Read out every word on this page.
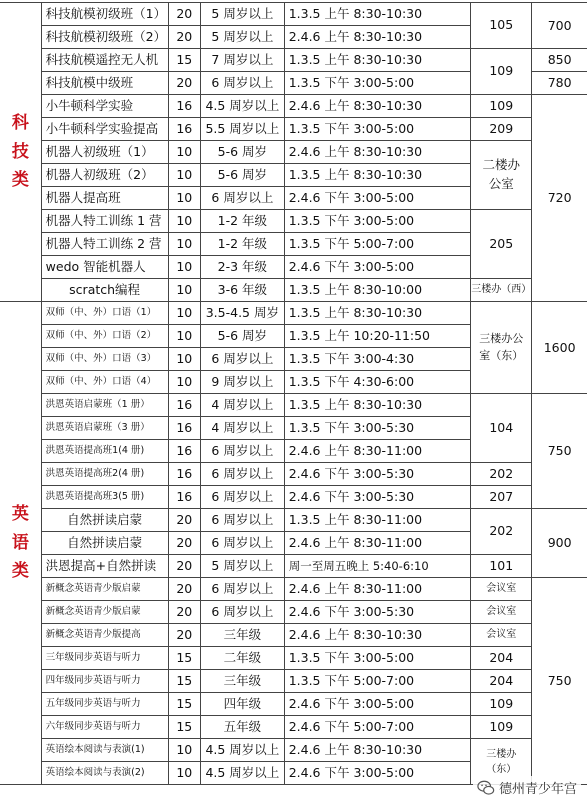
科
技
类	科技航模初级班（1）	20	5 周岁以上	1.3.5 上午 8:30-10:30	105	700
	科技航模初级班（2）	20	5 周岁以上	2.4.6 上午 8:30-10:30		
	科技航模遥控无人机	15	7 周岁以上	1.3.5 上午 8:30-10:30	109	850
	科技航模中级班	20	6 周岁以上	1.3.5 下午 3:00-5:00		780
	小牛顿科学实验	16	4.5 周岁以上	2.4.6 上午 8:30-10:30	109	720
	小牛顿科学实验提高	16	5.5 周岁以上	1.3.5 下午 3:00-5:00	209	
	机器人初级班（1）	10	5-6 周岁	2.4.6 上午 8:30-10:30	二楼办
公室	
	机器人初级班（2）	10	5-6 周岁	1.3.5 上午 8:30-10:30		
	机器人提高班	10	6 周岁以上	2.4.6 下午 3:00-5:00		
	机器人特工训练 1 营	10	1-2 年级	1.3.5 下午 3:00-5:00	205	
	机器人特工训练 2 营	10	1-2 年级	1.3.5 下午 5:00-7:00		
	wedo 智能机器人	10	2-3 年级	2.4.6 下午 3:00-5:00		
	scratch编程	10	3-6 年级	1.3.5 上午 8:30-10:00	三楼办（西）	
英
语
类	双师（中、外）口语（1）	10	3.5-4.5 周岁	1.3.5 上午 8:30-10:30	三楼办公
室（东）	1600
	双师（中、外）口语（2）	10	5-6 周岁	1.3.5 上午 10:20-11:50		
	双师（中、外）口语（3）	10	6 周岁以上	1.3.5 下午 3:00-4:30		
	双师（中、外）口语（4）	10	9 周岁以上	1.3.5 下午 4:30-6:00		
	洪恩英语启蒙班（1 册）	16	4 周岁以上	1.3.5 上午 8:30-10:30	104	750
	洪恩英语启蒙班（3 册）	16	4 周岁以上	1.3.5 下午 3:00-5:30		
	洪恩英语提高班1(4 册)	16	6 周岁以上	2.4.6 上午 8:30-11:00		
	洪恩英语提高班2(4 册)	16	6 周岁以上	2.4.6 下午 3:00-5:30	202	
	洪恩英语提高班3(5 册)	16	6 周岁以上	2.4.6 下午 3:00-5:30	207	
	自然拼读启蒙	20	6 周岁以上	1.3.5 上午 8:30-11:00	202	900
	自然拼读启蒙	20	6 周岁以上	2.4.6 上午 8:30-11:00		
	洪恩提高+自然拼读	20	5 周岁以上	周一至周五晚上 5:40-6:10	101	
	新概念英语青少版启蒙	20	6 周岁以上	2.4.6 上午 8:30-11:00	会议室	750
	新概念英语青少版启蒙	20	6 周岁以上	2.4.6 下午 3:00-5:30	会议室	
	新概念英语青少版提高	20	三年级	2.4.6 上午 8:30-10:30	会议室	
	三年级同步英语与听力	15	二年级	1.3.5 下午 3:00-5:00	204	
	四年级同步英语与听力	15	三年级	1.3.5 下午 5:00-7:00	204	
	五年级同步英语与听力	15	四年级	2.4.6 下午 3:00-5:00	109	
	六年级同步英语与听力	15	五年级	2.4.6 下午 5:00-7:00	109	
	英语绘本阅读与表演(1)	10	4.5 周岁以上	2.4.6 上午 8:30-10:30	三楼办
（东）	
	英语绘本阅读与表演(2)	10	4.5 周岁以上	2.4.6 下午 3:00-5:00		
德州青少年宫
